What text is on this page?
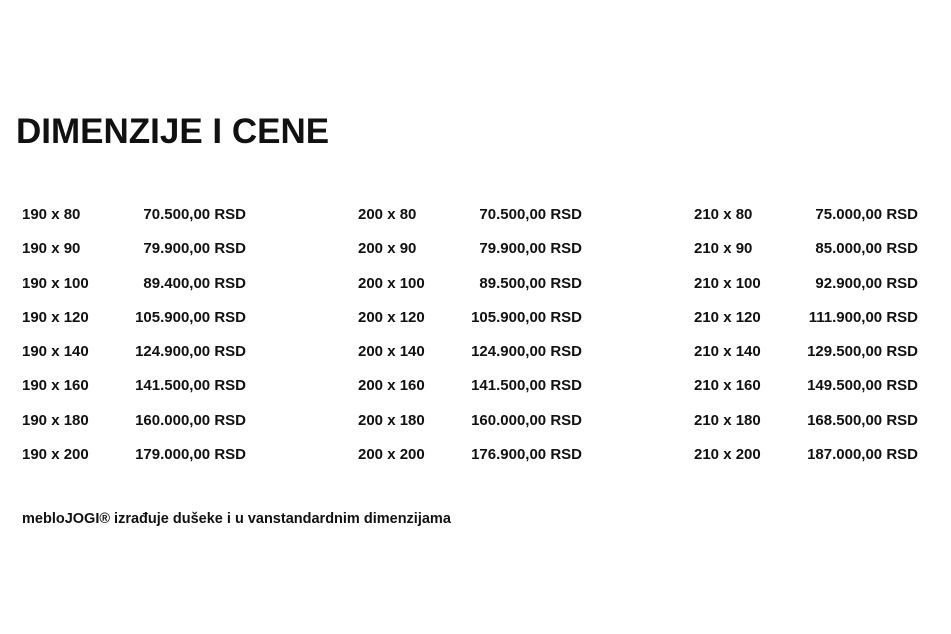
DIMENZIJE I CENE
190 x 80	70.500,00 RSD
190 x 90	79.900,00 RSD
190 x 100	89.400,00 RSD
190 x 120	105.900,00 RSD
190 x 140	124.900,00 RSD
190 x 160	141.500,00 RSD
190 x 180	160.000,00 RSD
190 x 200	179.000,00 RSD
200 x 80	70.500,00 RSD
200 x 90	79.900,00 RSD
200 x 100	89.500,00 RSD
200 x 120	105.900,00 RSD
200 x 140	124.900,00 RSD
200 x 160	141.500,00 RSD
200 x 180	160.000,00 RSD
200 x 200	176.900,00 RSD
210 x 80	75.000,00 RSD
210 x 90	85.000,00 RSD
210 x 100	92.900,00 RSD
210 x 120	111.900,00 RSD
210 x 140	129.500,00 RSD
210 x 160	149.500,00 RSD
210 x 180	168.500,00 RSD
210 x 200	187.000,00 RSD

mebloJOGI® izrađuje dušeke i u vanstandardnim dimenzijama
